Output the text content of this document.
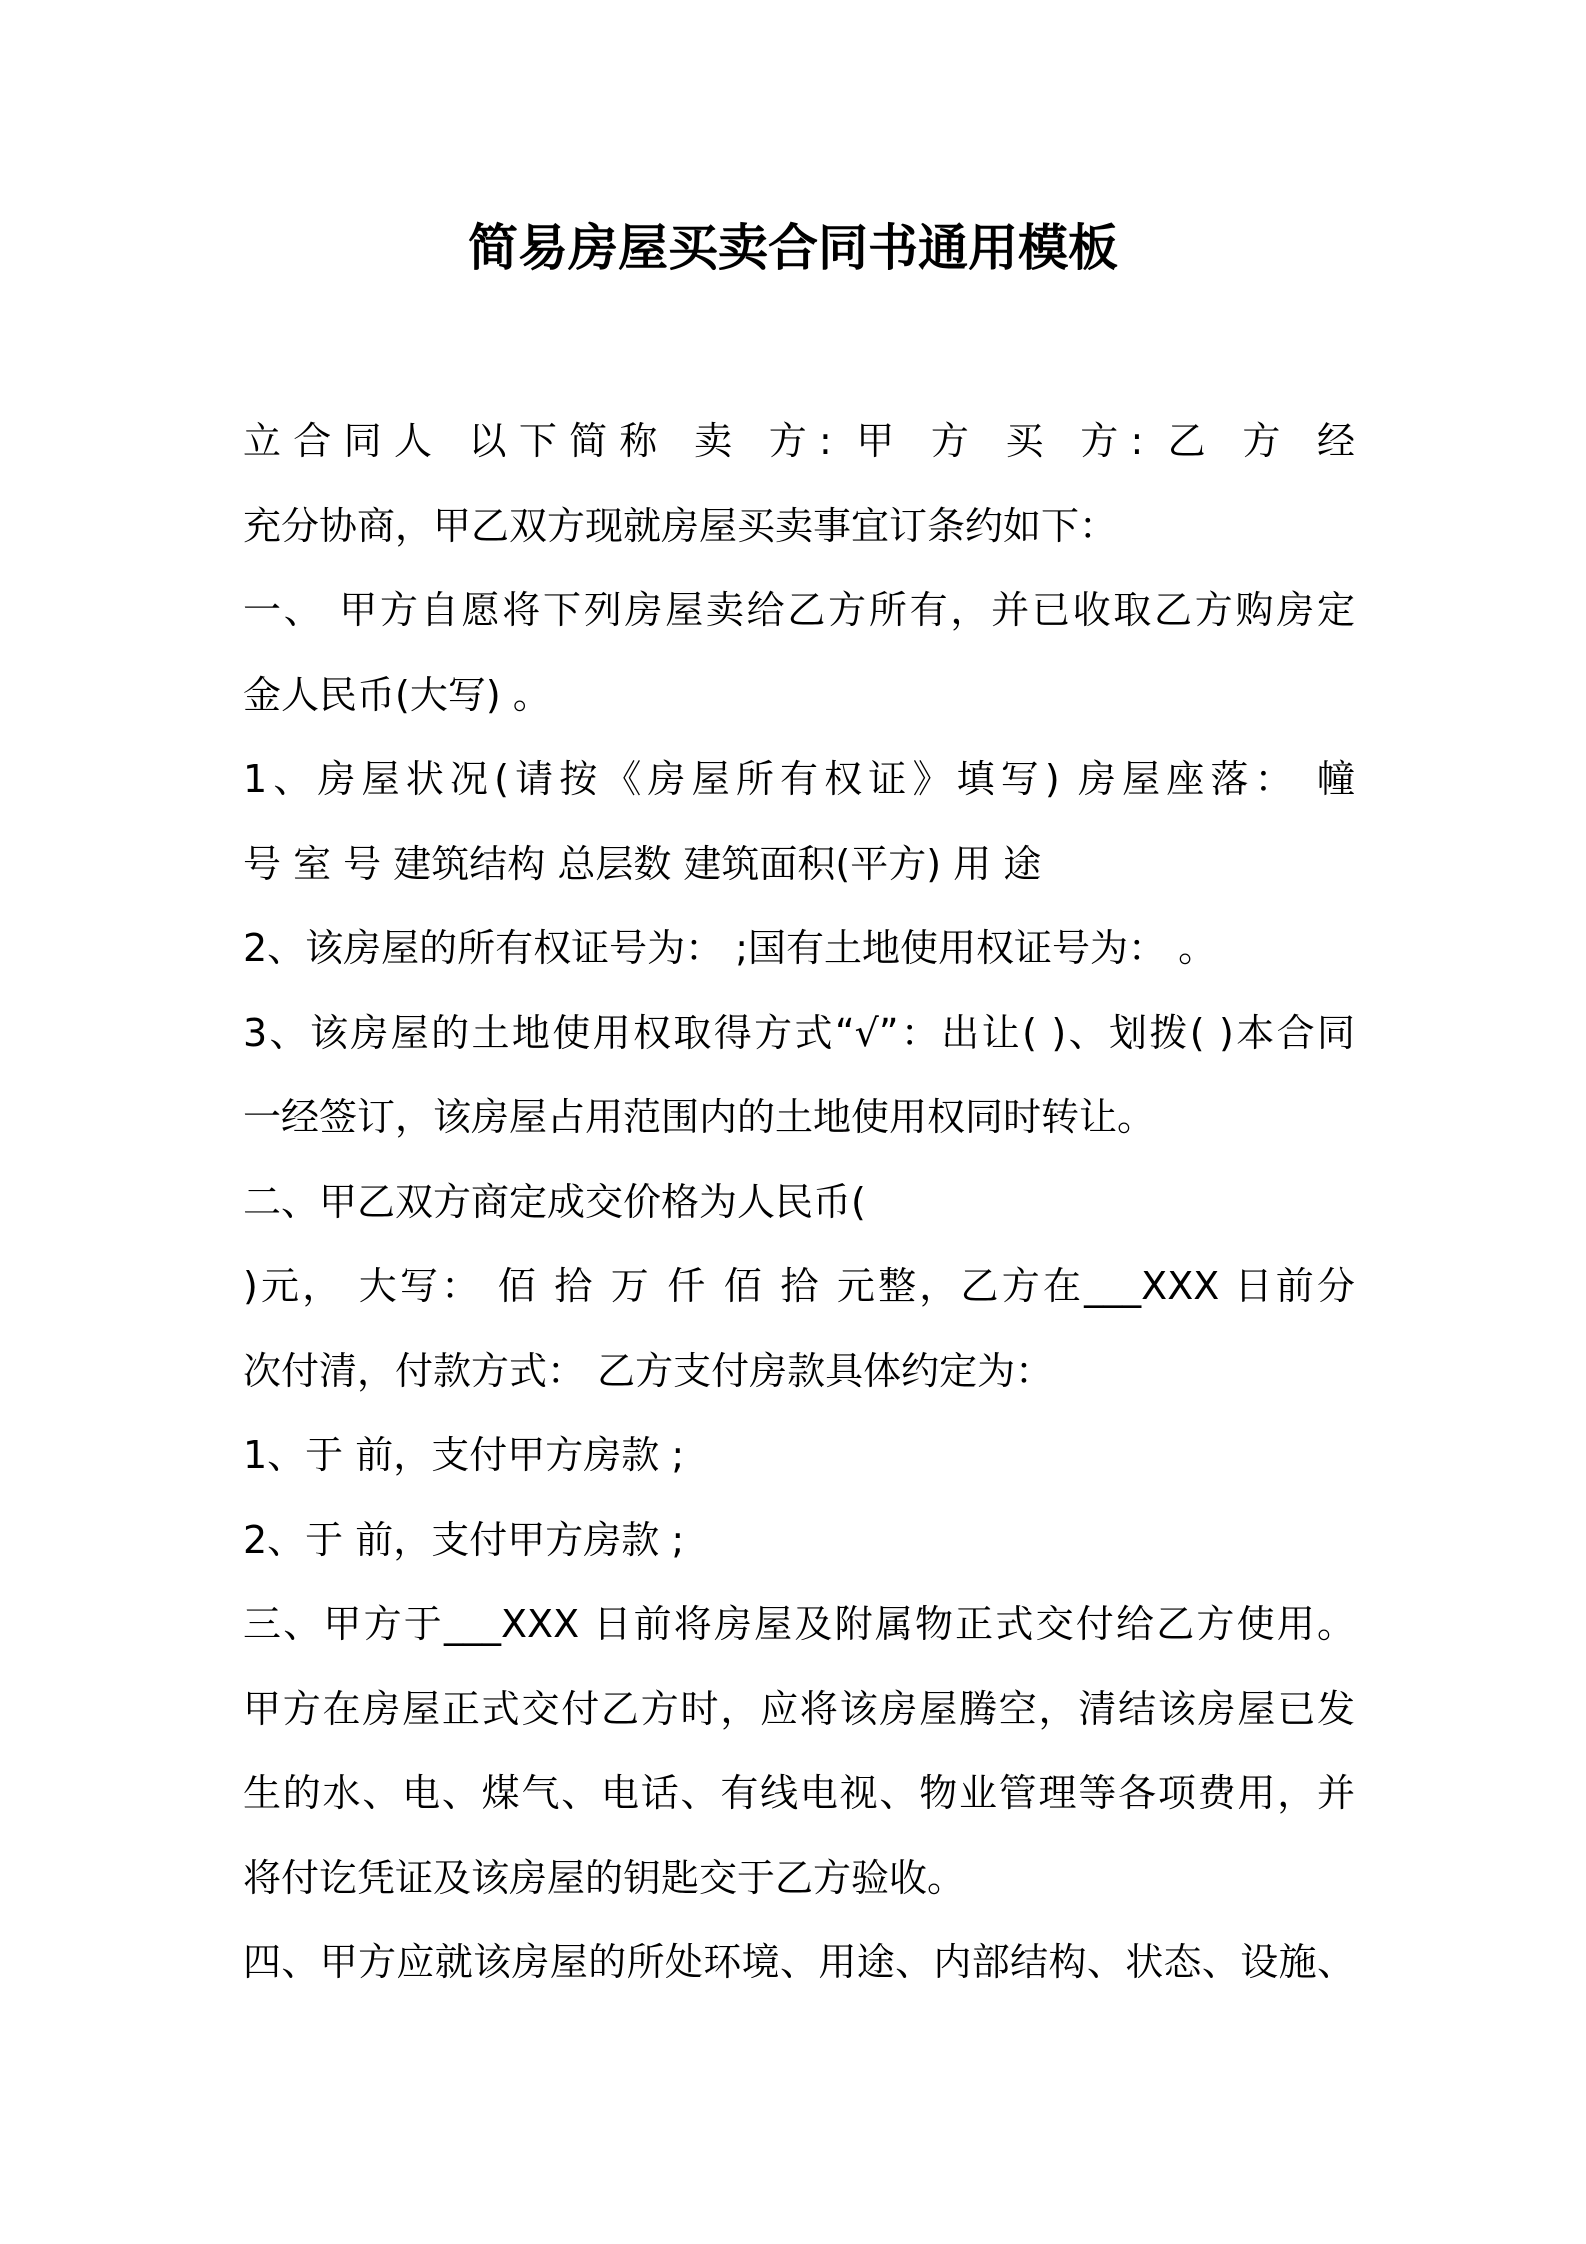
简易房屋买卖合同书通用模板
立合同人 以下简称 卖 方: 甲 方 买 方: 乙 方 经
充分协商，甲乙双方现就房屋买卖事宜订条约如下：
一、 甲方自愿将下列房屋卖给乙方所有，并已收取乙方购房定
金人民币(大写) 。
1、房屋状况(请按《房屋所有权证》填写) 房屋座落： 幢
号 室 号 建筑结构 总层数 建筑面积(平方) 用 途
2、该房屋的所有权证号为： ;国有土地使用权证号为： 。
3、该房屋的土地使用权取得方式“√”：出让( )、划拨( )本合同
一经签订，该房屋占用范围内的土地使用权同时转让。
二、甲乙双方商定成交价格为人民币(
)元， 大写： 佰 拾 万 仟 佰 拾 元整，乙方在___XXX 日前分
次付清，付款方式： 乙方支付房款具体约定为：
1、于 前，支付甲方房款 ;
2、于 前，支付甲方房款 ;
三、甲方于___XXX 日前将房屋及附属物正式交付给乙方使用。
甲方在房屋正式交付乙方时，应将该房屋腾空，清结该房屋已发
生的水、电、煤气、电话、有线电视、物业管理等各项费用，并
将付讫凭证及该房屋的钥匙交于乙方验收。
四、甲方应就该房屋的所处环境、用途、内部结构、状态、设施、
